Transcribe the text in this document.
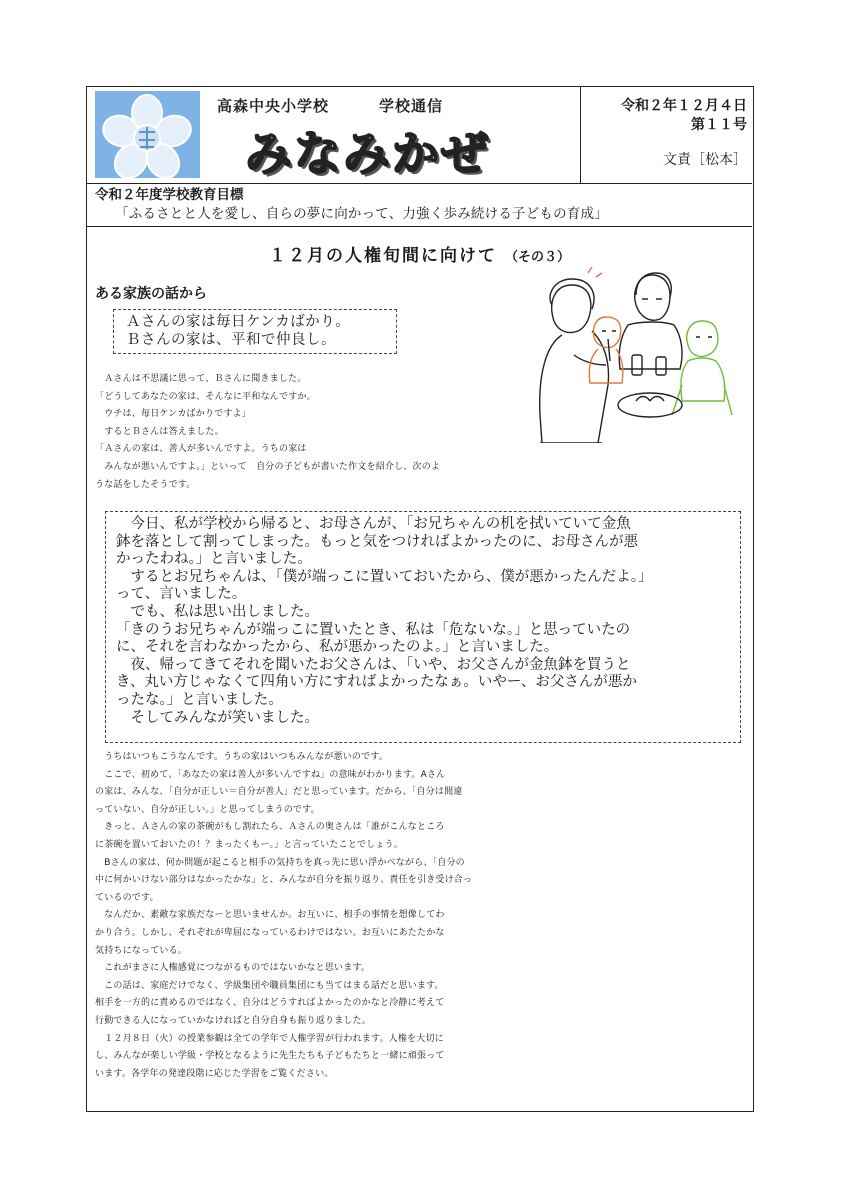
高森中央小学校	学校通信
みなみかぜ
令和２年１２月４日
第１１号
文責［松本］
令和２年度学校教育目標
「ふるさとと人を愛し、自らの夢に向かって、力強く歩み続ける子どもの育成」
１２月の人権旬間に向けて （その３）
ある家族の話から
Ａさんの家は毎日ケンカばかり。
Ｂさんの家は、平和で仲良し。
　Ａさんは不思議に思って、Ｂさんに聞きました。
「どうしてあなたの家は、そんなに平和なんですか。
　ウチは、毎日ケンカばかりですよ」
　するとＢさんは答えました。
「Ａさんの家は、善人が多いんですよ。うちの家は
　みんなが悪いんですよ。」といって　自分の子どもが書いた作文を紹介し、次のよ
うな話をしたそうです。
　今日、私が学校から帰ると、お母さんが、「お兄ちゃんの机を拭いていて金魚
鉢を落として割ってしまった。もっと気をつければよかったのに、お母さんが悪
かったわね。」と言いました。
　するとお兄ちゃんは、「僕が端っこに置いておいたから、僕が悪かったんだよ。」
って、言いました。
　でも、私は思い出しました。
「きのうお兄ちゃんが端っこに置いたとき、私は「危ないな。」と思っていたの
に、それを言わなかったから、私が悪かったのよ。」と言いました。
　夜、帰ってきてそれを聞いたお父さんは、「いや、お父さんが金魚鉢を買うと
き、丸い方じゃなくて四角い方にすればよかったなぁ。いやー、お父さんが悪か
ったな。」と言いました。
　そしてみんなが笑いました。
　うちはいつもこうなんです。うちの家はいつもみんなが悪いのです。
　ここで、初めて、「あなたの家は善人が多いんですね」の意味がわかります。Aさん
の家は、みんな、「自分が正しい＝自分が善人」だと思っています。だから、「自分は間違
っていない、自分が正しい。」と思ってしまうのです。
　きっと、Ａさんの家の茶碗がもし割れたら、Ａさんの奥さんは「誰がこんなところ
に茶碗を置いておいたの！？まったくもー。」と言っていたことでしょう。
　Bさんの家は、何か問題が起こると相手の気持ちを真っ先に思い浮かべながら、「自分の
中に何かいけない部分はなかったかな」と、みんなが自分を振り返り、責任を引き受け合っ
ているのです。
　なんだか、素敵な家族だなーと思いませんか。お互いに、相手の事情を想像してわ
かり合う。しかし、それぞれが卑屈になっているわけではない。お互いにあたたかな
気持ちになっている。
　これがまさに人権感覚につながるものではないかなと思います。
　この話は、家庭だけでなく、学級集団や職員集団にも当てはまる話だと思います。
相手を一方的に責めるのではなく、自分はどうすればよかったのかなと冷静に考えて
行動できる人になっていかなければと自分自身も振り返りました。
　１２月８日（火）の授業参観は全ての学年で人権学習が行われます。人権を大切に
し、みんなが楽しい学級・学校となるように先生たちも子どもたちと一緒に頑張って
います。各学年の発達段階に応じた学習をご覧ください。
